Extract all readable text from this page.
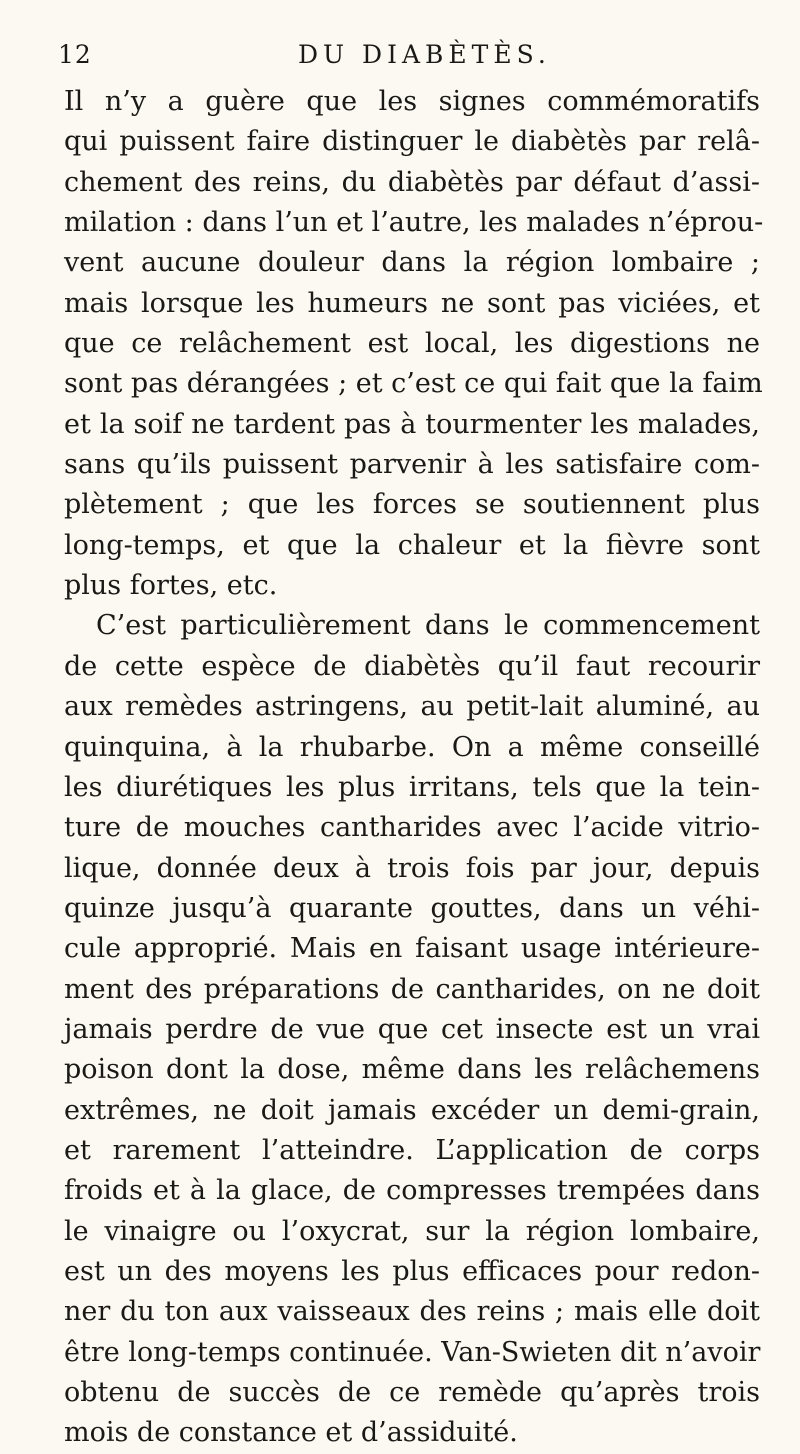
12	DU DIABÈTÈS.
Il n’y a guère que les signes commémoratifs
qui puissent faire distinguer le diabètès par relâ-
chement des reins, du diabètès par défaut d’assi-
milation : dans l’un et l’autre, les malades n’éprou-
vent aucune douleur dans la région lombaire ;
mais lorsque les humeurs ne sont pas viciées, et
que ce relâchement est local, les digestions ne
sont pas dérangées ; et c’est ce qui fait que la faim
et la soif ne tardent pas à tourmenter les malades,
sans qu’ils puissent parvenir à les satisfaire com-
plètement ; que les forces se soutiennent plus
long-temps, et que la chaleur et la fièvre sont
plus fortes, etc.
C’est particulièrement dans le commencement
de cette espèce de diabètès qu’il faut recourir
aux remèdes astringens, au petit-lait aluminé, au
quinquina, à la rhubarbe. On a même conseillé
les diurétiques les plus irritans, tels que la tein-
ture de mouches cantharides avec l’acide vitrio-
lique, donnée deux à trois fois par jour, depuis
quinze jusqu’à quarante gouttes, dans un véhi-
cule approprié. Mais en faisant usage intérieure-
ment des préparations de cantharides, on ne doit
jamais perdre de vue que cet insecte est un vrai
poison dont la dose, même dans les relâchemens
extrêmes, ne doit jamais excéder un demi-grain,
et rarement l’atteindre. L’application de corps
froids et à la glace, de compresses trempées dans
le vinaigre ou l’oxycrat, sur la région lombaire,
est un des moyens les plus efficaces pour redon-
ner du ton aux vaisseaux des reins ; mais elle doit
être long-temps continuée. Van-Swieten dit n’avoir
obtenu de succès de ce remède qu’après trois
mois de constance et d’assiduité.
